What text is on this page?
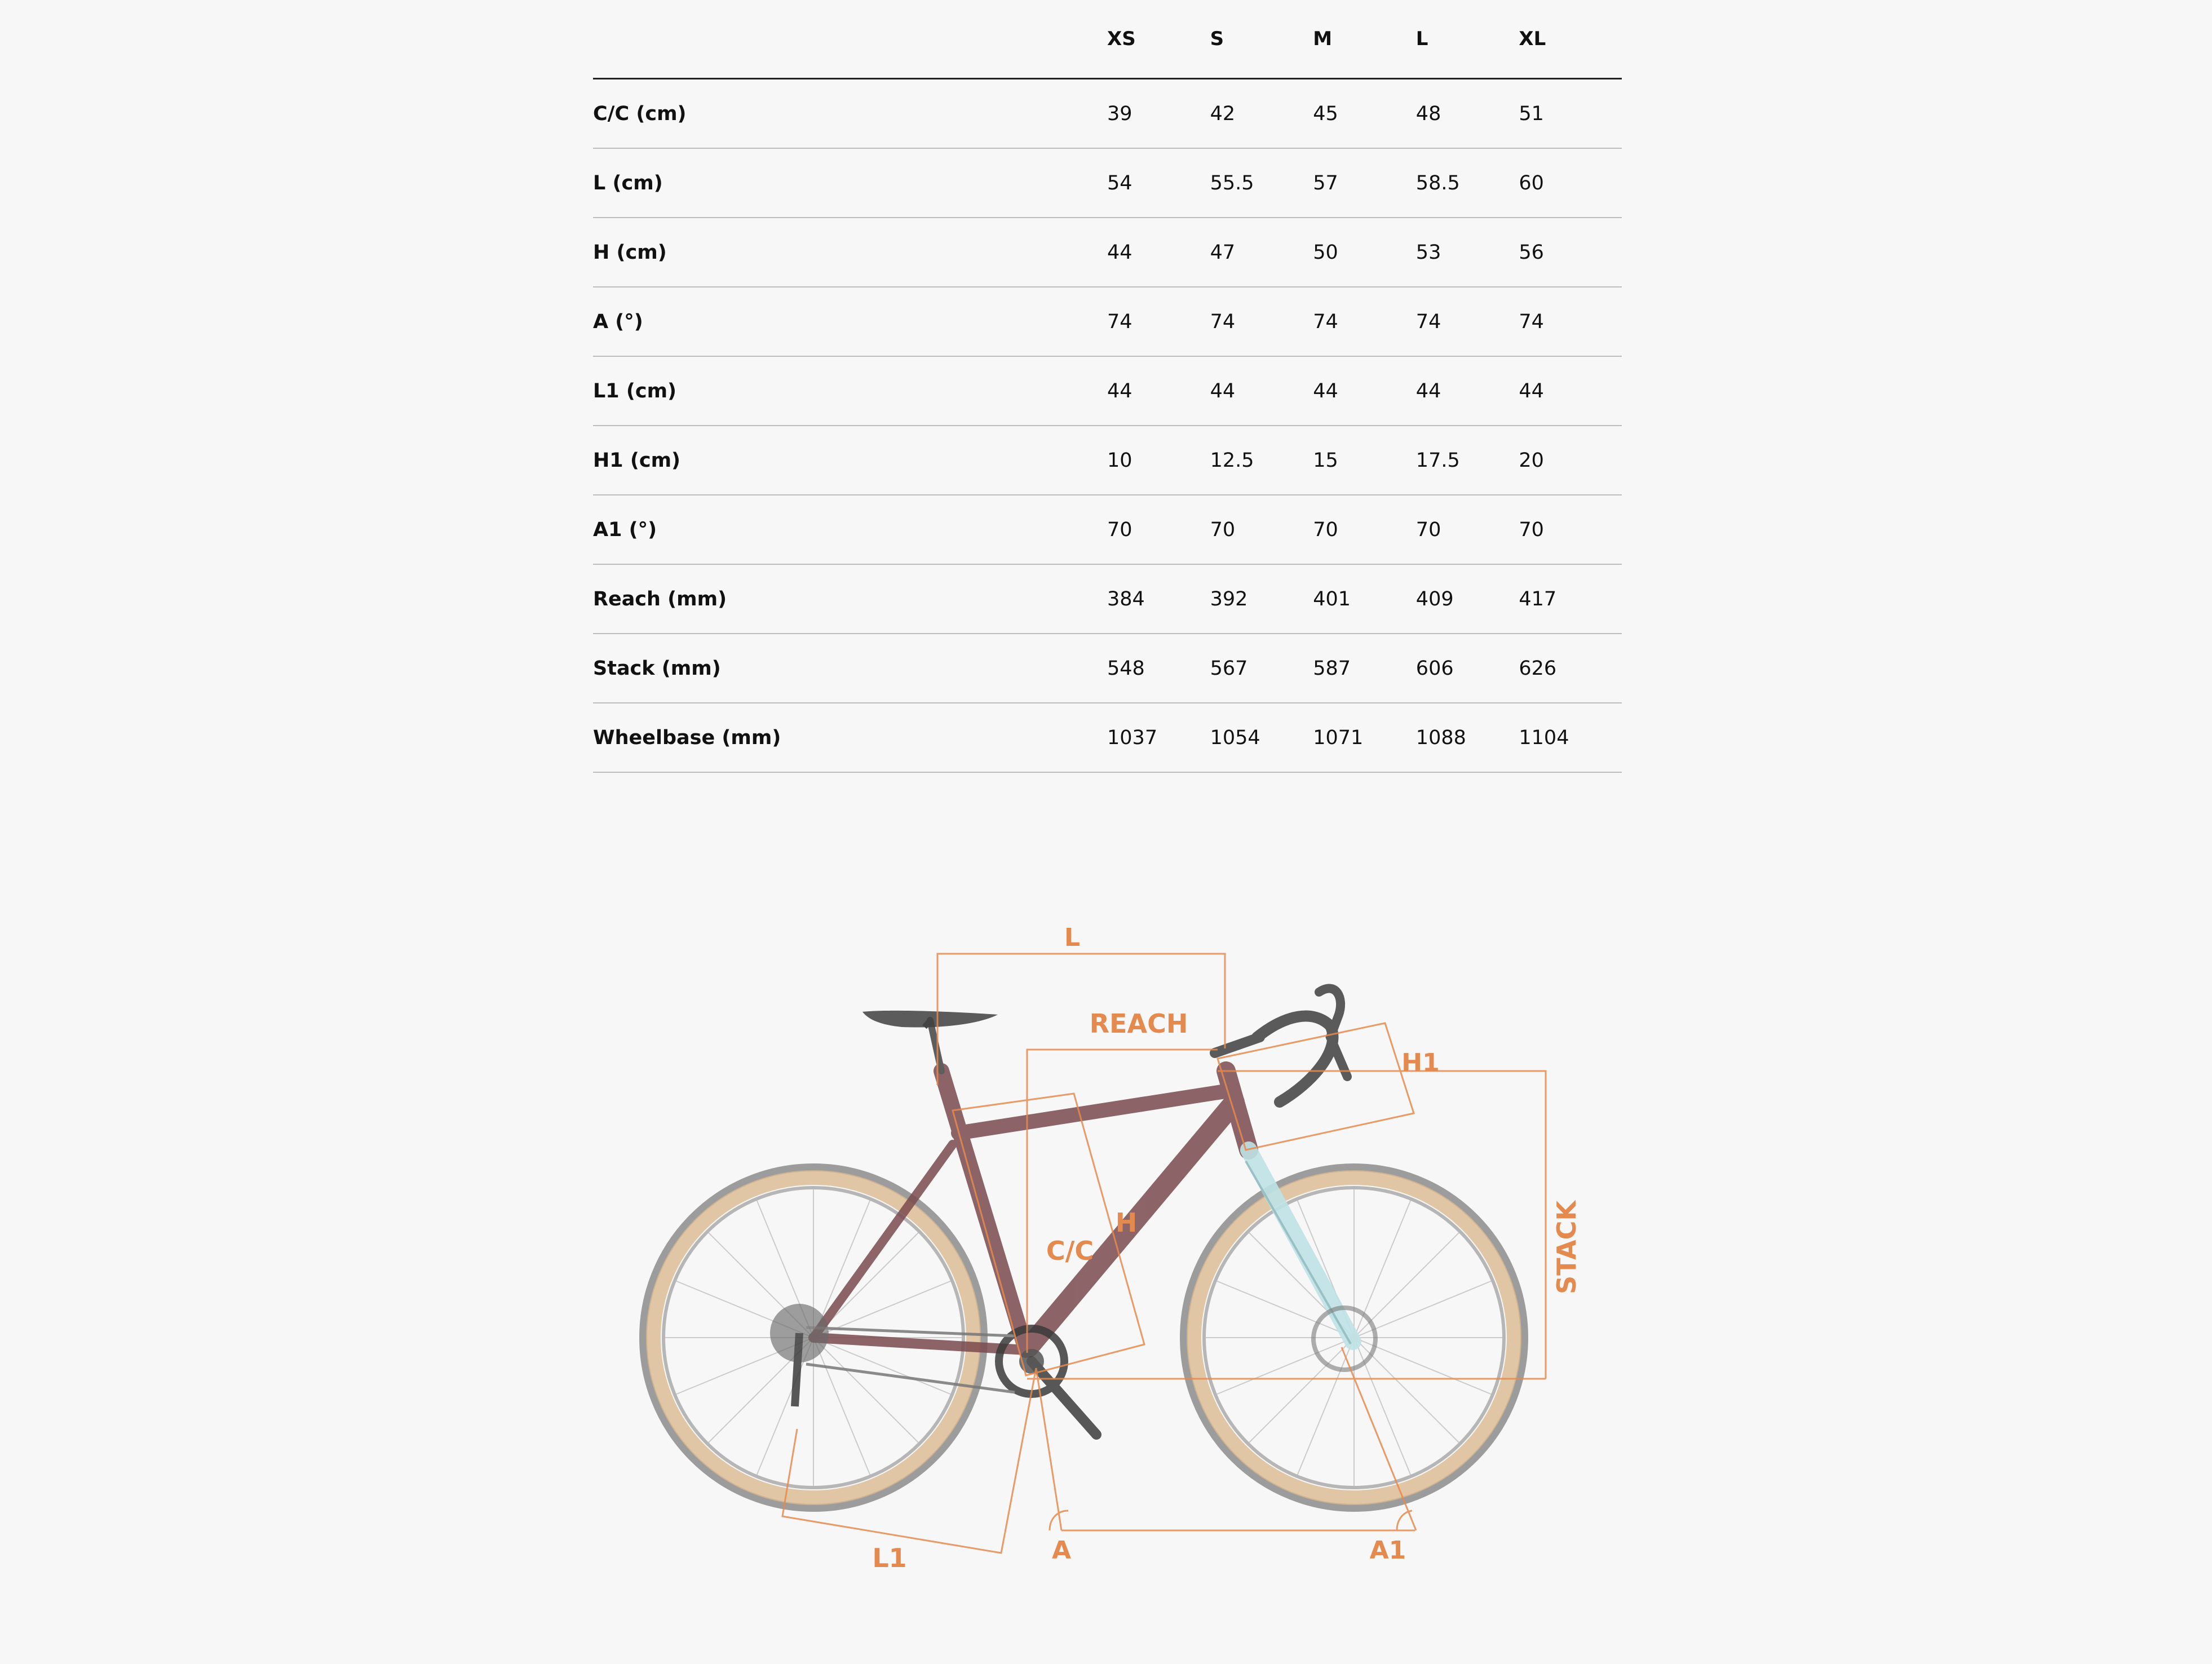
	XS	S	M	L	XL
C/C (cm)	39	42	45	48	51
L (cm)	54	55.5	57	58.5	60
H (cm)	44	47	50	53	56
A (°)	74	74	74	74	74
L1 (cm)	44	44	44	44	44
H1 (cm)	10	12.5	15	17.5	20
A1 (°)	70	70	70	70	70
Reach (mm)	384	392	401	409	417
Stack (mm)	548	567	587	606	626
Wheelbase (mm)	1037	1054	1071	1088	1104
L
REACH
H1
H
C/C	STACK
L1	A	A1
